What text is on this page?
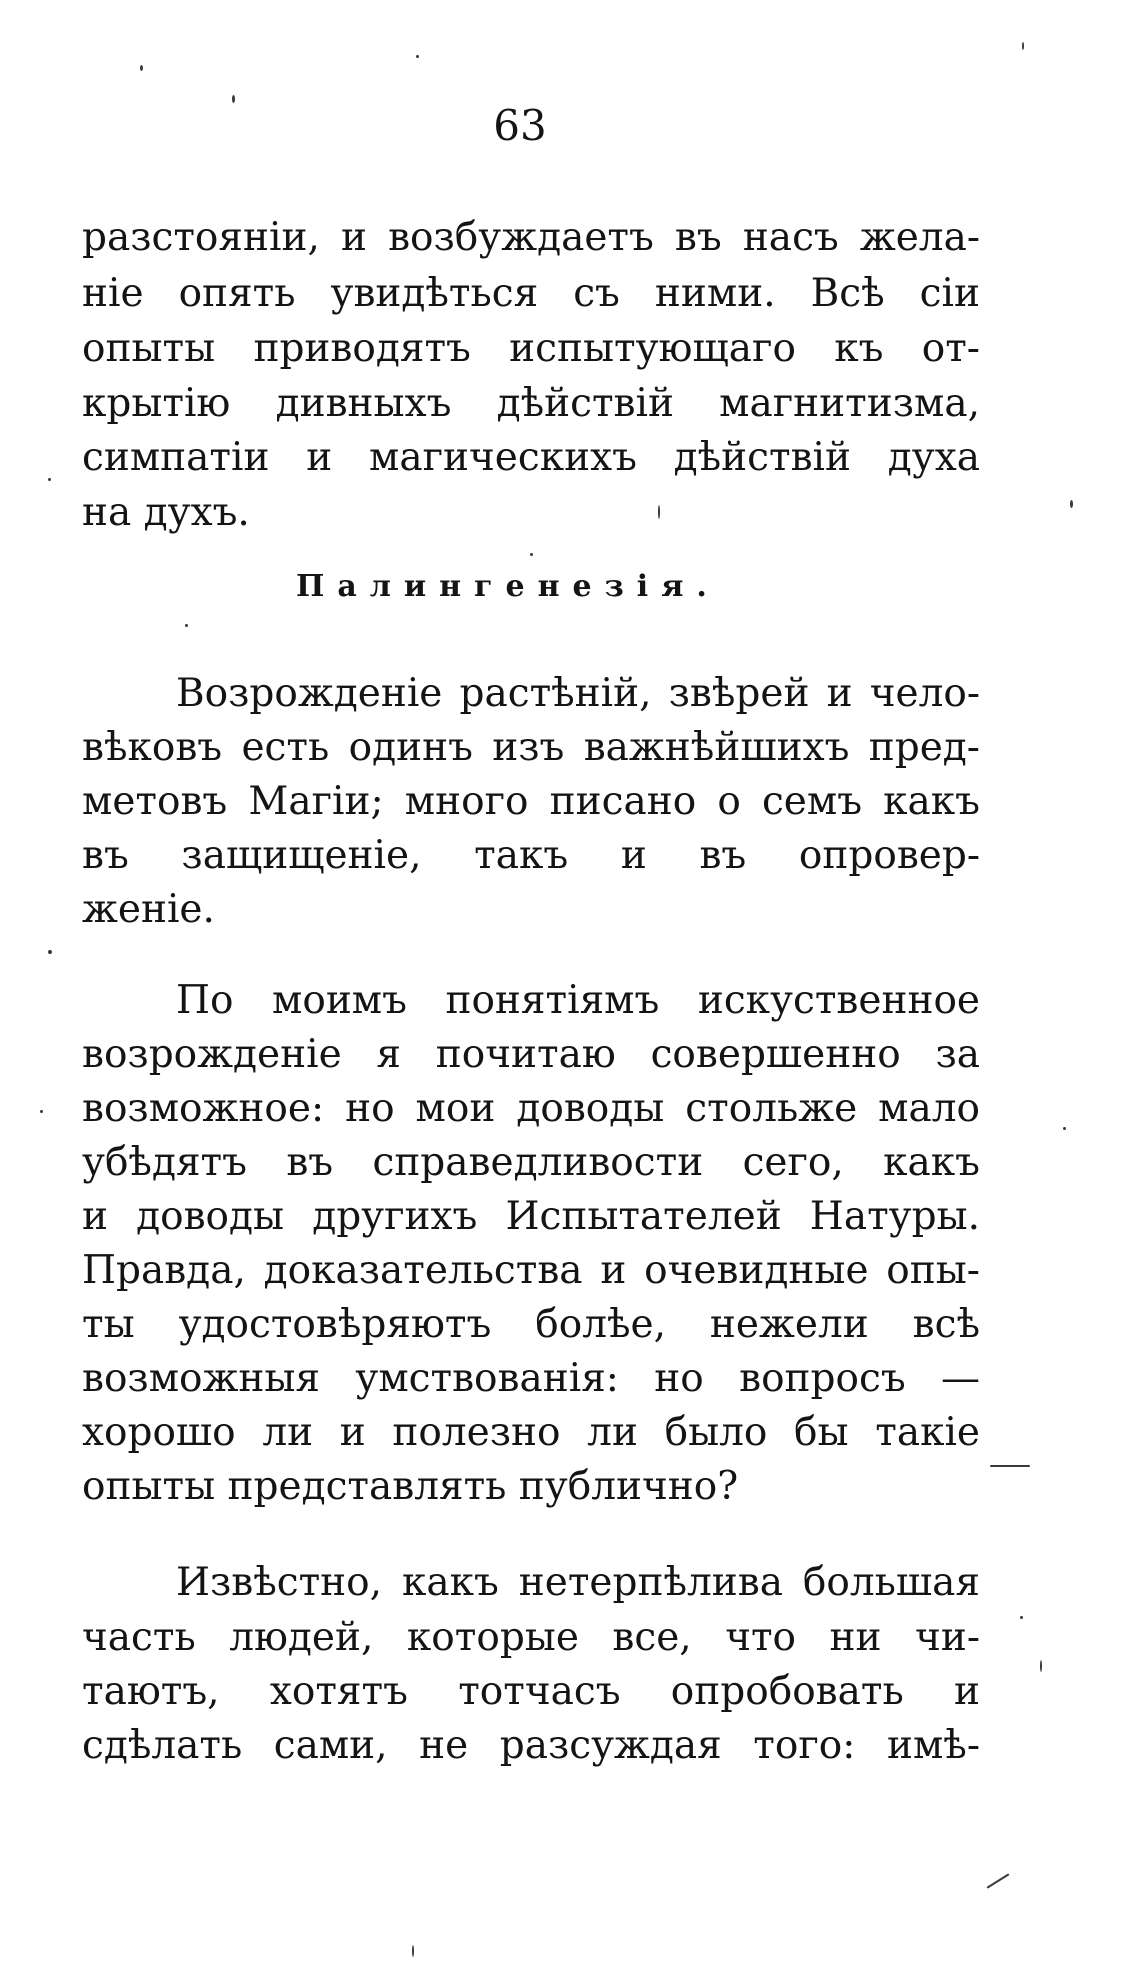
63
разстояніи, и возбуждаетъ въ насъ жела-
ніе опять увидѣться съ ними. Всѣ сіи
опыты приводятъ испытующаго къ от-
крытію дивныхъ дѣйствій магнитизма,
симпатіи и магическихъ дѣйствій духа
на духъ.
Палингенезія.
Возрожденіе растѣній, звѣрей и чело-
вѣковъ есть одинъ изъ важнѣйшихъ пред-
метовъ Магіи; много писано о семъ какъ
въ защищеніе, такъ и въ опровер-
женіе.
По моимъ понятіямъ искуственное
возрожденіе я почитаю совершенно за
возможное: но мои доводы стольже мало
убѣдятъ въ справедливости сего, какъ
и доводы другихъ Испытателей Натуры.
Правда, доказательства и очевидные опы-
ты удостовѣряютъ болѣе, нежели всѣ
возможныя умствованія: но вопросъ —
хорошо ли и полезно ли было бы такіе
опыты представлять публично?
Извѣстно, какъ нетерпѣлива большая
часть людей, которые все, что ни чи-
таютъ, хотятъ тотчасъ опробовать и
сдѣлать сами, не разсуждая того: имѣ-
